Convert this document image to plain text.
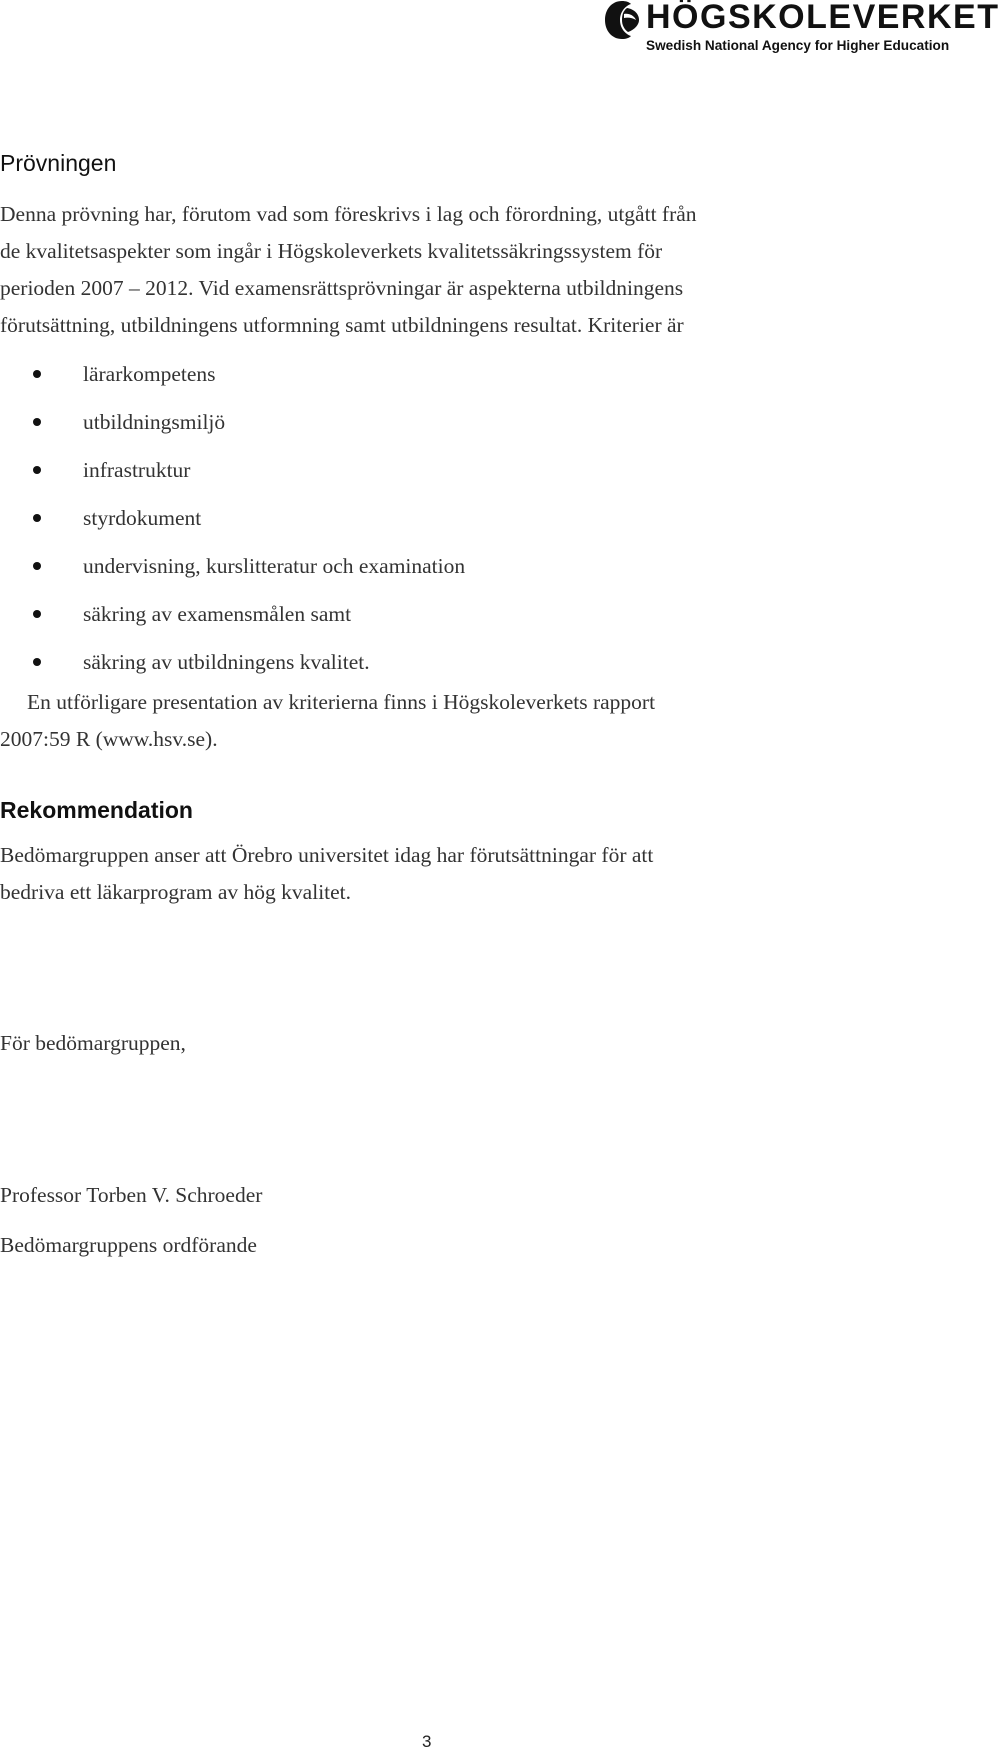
HÖGSKOLEVERKET
Swedish National Agency for Higher Education
Prövningen

Denna prövning har, förutom vad som föreskrivs i lag och förordning, utgått från
de kvalitetsaspekter som ingår i Högskoleverkets kvalitetssäkringssystem för
perioden 2007 – 2012. Vid examensrättsprövningar är aspekterna utbildningens
förutsättning, utbildningens utformning samt utbildningens resultat. Kriterier är

lärarkompetens
utbildningsmiljö
infrastruktur
styrdokument
undervisning, kurslitteratur och examination
säkring av examensmålen samt
säkring av utbildningens kvalitet.

En utförligare presentation av kriterierna finns i Högskoleverkets rapport
2007:59 R (www.hsv.se).

Rekommendation

Bedömargruppen anser att Örebro universitet idag har förutsättningar för att
bedriva ett läkarprogram av hög kvalitet.

För bedömargruppen,

Professor Torben V. Schroeder
Bedömargruppens ordförande

3
